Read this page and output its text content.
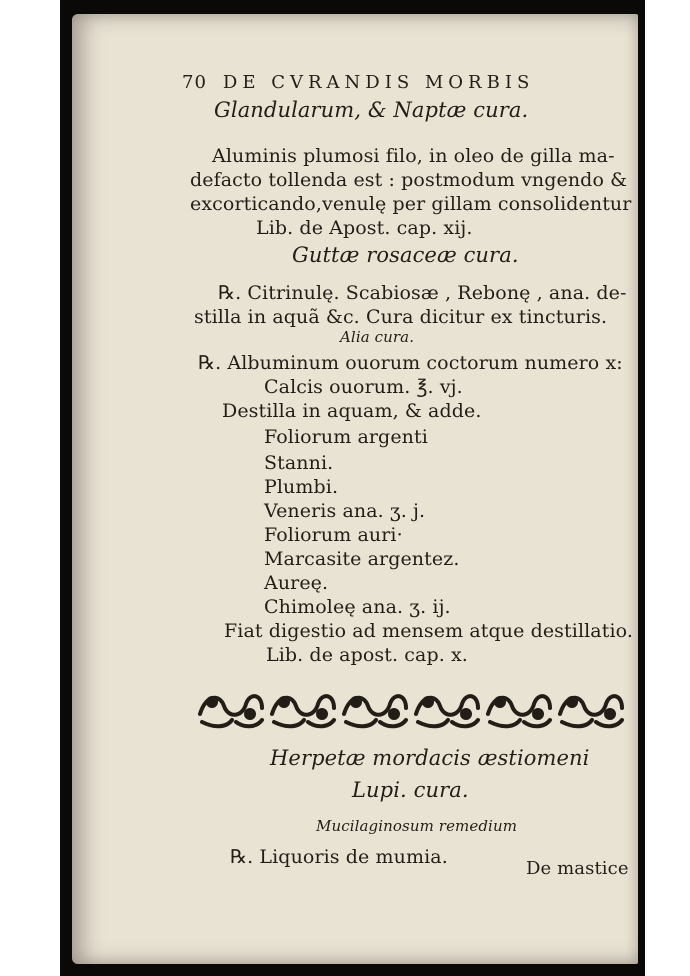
70 DE CVRANDIS MORBIS
Glandularum, & Naptæ cura.
Aluminis plumosi filo, in oleo de gilla ma-
defacto tollenda est : postmodum vngendo &
excorticando,venulę per gillam consolidentur
Lib. de Apost. cap. xij.
Guttæ rosaceæ cura.
℞. Citrinulę. Scabiosæ , Rebonę , ana. de-
stilla in aquã &c. Cura dicitur ex tincturis.
Alia cura.
℞. Albuminum ouorum coctorum numero x:
Calcis ouorum. ℥. vj.
Destilla in aquam, & adde.
Foliorum argenti
Stanni.
Plumbi.
Veneris ana. ʒ. j.
Foliorum auri·
Marcasite argentez.
Aureę.
Chimoleę ana. ʒ. ij.
Fiat digestio ad mensem atque destillatio.
Lib. de apost. cap. x.
Herpetæ mordacis æstiomeni
Lupi. cura.
Mucilaginosum remedium
℞. Liquoris de mumia.
De mastice
